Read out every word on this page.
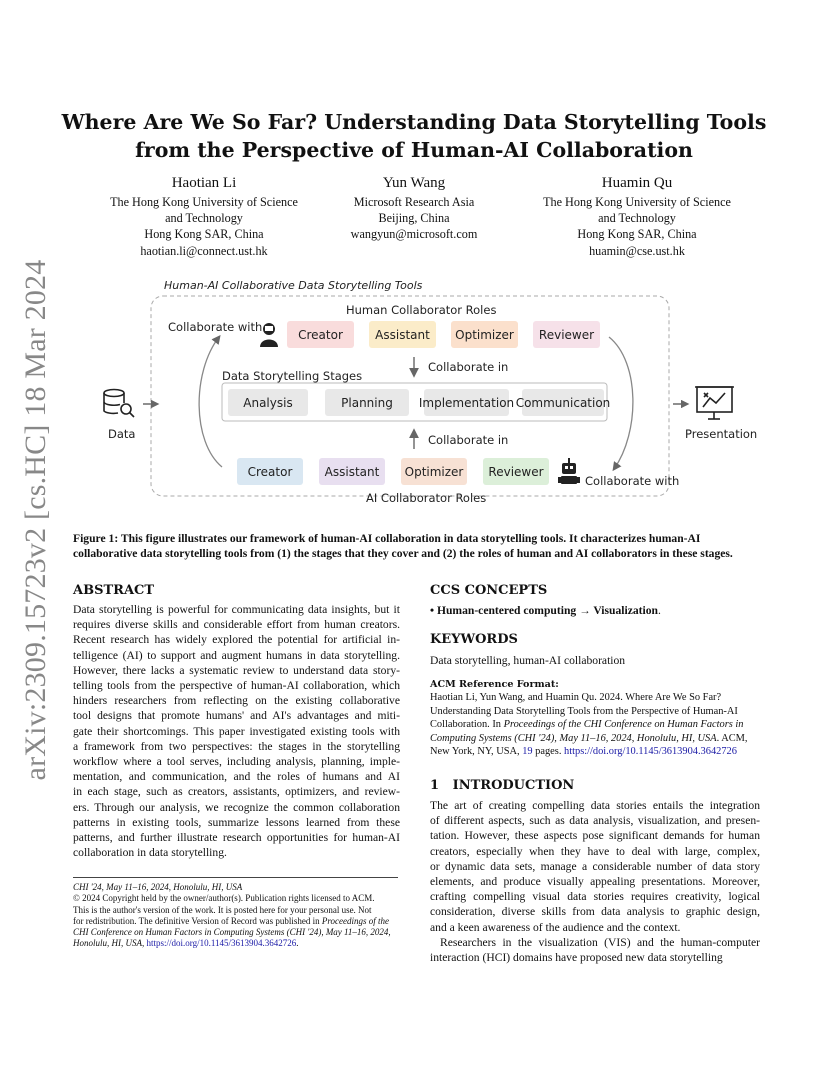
arXiv:2309.15723v2 [cs.HC] 18 Mar 2024
Where Are We So Far? Understanding Data Storytelling Tools
from the Perspective of Human-AI Collaboration
Haotian Li
The Hong Kong University of Science
and Technology
Hong Kong SAR, China
haotian.li@connect.ust.hk
Yun Wang
Microsoft Research Asia
Beijing, China
wangyun@microsoft.com
Huamin Qu
The Hong Kong University of Science
and Technology
Hong Kong SAR, China
huamin@cse.ust.hk
Human-AI Collaborative Data Storytelling Tools
Human Collaborator Roles
Collaborate with
Collaborate in
Data Storytelling Stages
Collaborate in
Collaborate with
AI Collaborator Roles
Data	Presentation
Creator	Assistant	Optimizer	Reviewer
Analysis	Planning	Implementation Communication
Creator	Assistant	Optimizer	Reviewer
Figure 1: This figure illustrates our framework of human-AI collaboration in data storytelling tools. It characterizes human-AI collaborative data storytelling tools from (1) the stages that they cover and (2) the roles of human and AI collaborators in these stages.
ABSTRACT
Data storytelling is powerful for communicating data insights, but it
requires diverse skills and considerable effort from human creators.
Recent research has widely explored the potential for artificial in-
telligence (AI) to support and augment humans in data storytelling.
However, there lacks a systematic review to understand data story-
telling tools from the perspective of human-AI collaboration, which
hinders researchers from reflecting on the existing collaborative
tool designs that promote humans' and AI's advantages and miti-
gate their shortcomings. This paper investigated existing tools with
a framework from two perspectives: the stages in the storytelling
workflow where a tool serves, including analysis, planning, imple-
mentation, and communication, and the roles of humans and AI
in each stage, such as creators, assistants, optimizers, and review-
ers. Through our analysis, we recognize the common collaboration
patterns in existing tools, summarize lessons learned from these
patterns, and further illustrate research opportunities for human-AI
collaboration in data storytelling.
CHI '24, May 11–16, 2024, Honolulu, HI, USA
© 2024 Copyright held by the owner/author(s). Publication rights licensed to ACM.
This is the author's version of the work. It is posted here for your personal use. Not
for redistribution. The definitive Version of Record was published in Proceedings of the
CHI Conference on Human Factors in Computing Systems (CHI '24), May 11–16, 2024,
Honolulu, HI, USA, https://doi.org/10.1145/3613904.3642726.
CCS CONCEPTS
• Human-centered computing → Visualization.
KEYWORDS
Data storytelling, human-AI collaboration
ACM Reference Format:
Haotian Li, Yun Wang, and Huamin Qu. 2024. Where Are We So Far?
Understanding Data Storytelling Tools from the Perspective of Human-AI
Collaboration. In Proceedings of the CHI Conference on Human Factors in
Computing Systems (CHI '24), May 11–16, 2024, Honolulu, HI, USA. ACM,
New York, NY, USA, 19 pages. https://doi.org/10.1145/3613904.3642726
1 INTRODUCTION
The art of creating compelling data stories entails the integration
of different aspects, such as data analysis, visualization, and presen-
tation. However, these aspects pose significant demands for human
creators, especially when they have to deal with large, complex,
or dynamic data sets, manage a considerable number of data story
elements, and produce visually appealing presentations. Moreover,
crafting compelling visual data stories requires creativity, logical
consideration, diverse skills from data analysis to graphic design,
and a keen awareness of the audience and the context.
Researchers in the visualization (VIS) and the human-computer
interaction (HCI) domains have proposed new data storytelling
